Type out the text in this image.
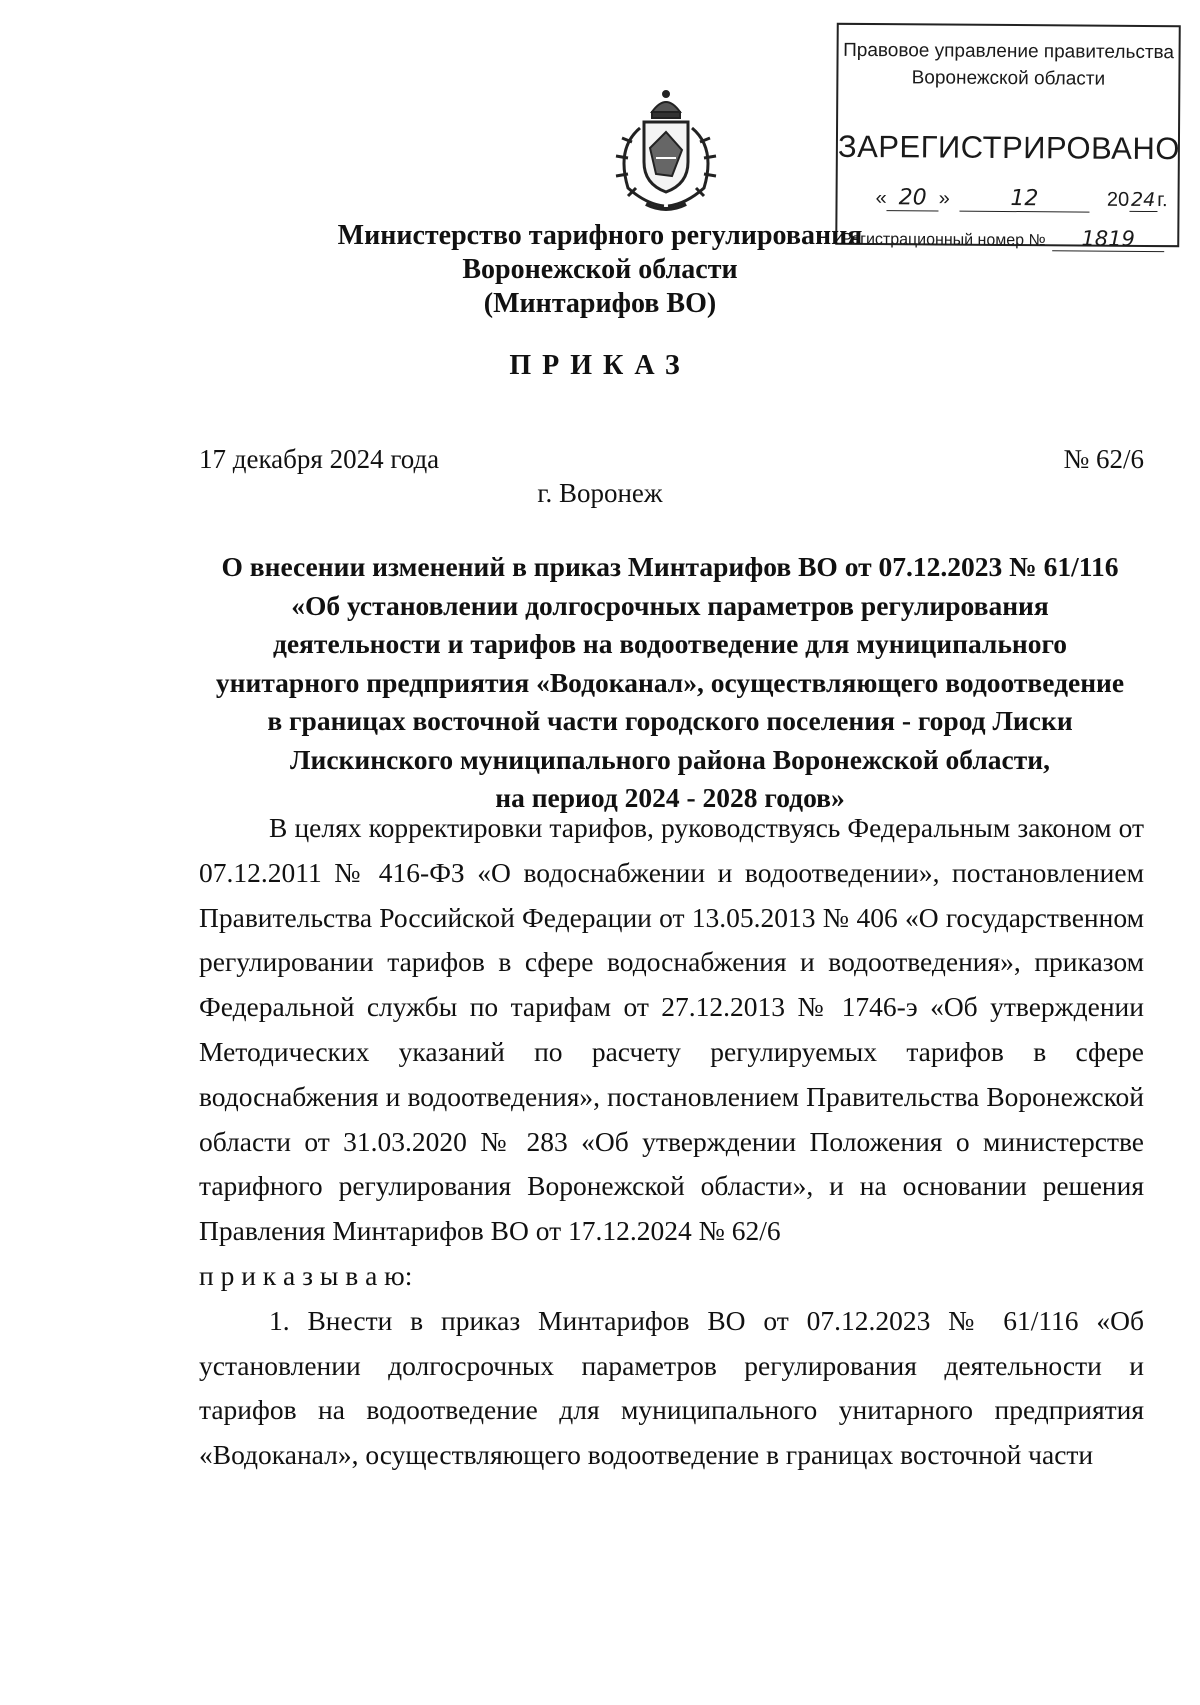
Правовое управление правительства
Воронежской области
ЗАРЕГИСТРИРОВАНО
« 20 »	12	2024г.
Регистрационный номер № 1819
Министерство тарифного регулирования
Воронежской области
(Минтарифов ВО)
ПРИКАЗ
17 декабря 2024 года	№ 62/6
г. Воронеж
О внесении изменений в приказ Минтарифов ВО от 07.12.2023 № 61/116
«Об установлении долгосрочных параметров регулирования
деятельности и тарифов на водоотведение для муниципального
унитарного предприятия «Водоканал», осуществляющего водоотведение
в границах восточной части городского поселения - город Лиски
Лискинского муниципального района Воронежской области,
на период 2024 - 2028 годов»

В целях корректировки тарифов, руководствуясь Федеральным законом от 07.12.2011 № 416-ФЗ «О водоснабжении и водоотведении», постановлением Правительства Российской Федерации от 13.05.2013 № 406 «О государственном регулировании тарифов в сфере водоснабжения и водоотведения», приказом Федеральной службы по тарифам от 27.12.2013 № 1746-э «Об утверждении Методических указаний по расчету регулируемых тарифов в сфере водоснабжения и водоотведения», постановлением Правительства Воронежской области от 31.03.2020 № 283 «Об утверждении Положения о министерстве тарифного регулирования Воронежской области», и на основании решения Правления Минтарифов ВО от 17.12.2024 № 62/6

п р и к а з ы в а ю:

1. Внести в приказ Минтарифов ВО от 07.12.2023 № 61/116 «Об установлении долгосрочных параметров регулирования деятельности и тарифов на водоотведение для муниципального унитарного предприятия «Водоканал», осуществляющего водоотведение в границах восточной части
